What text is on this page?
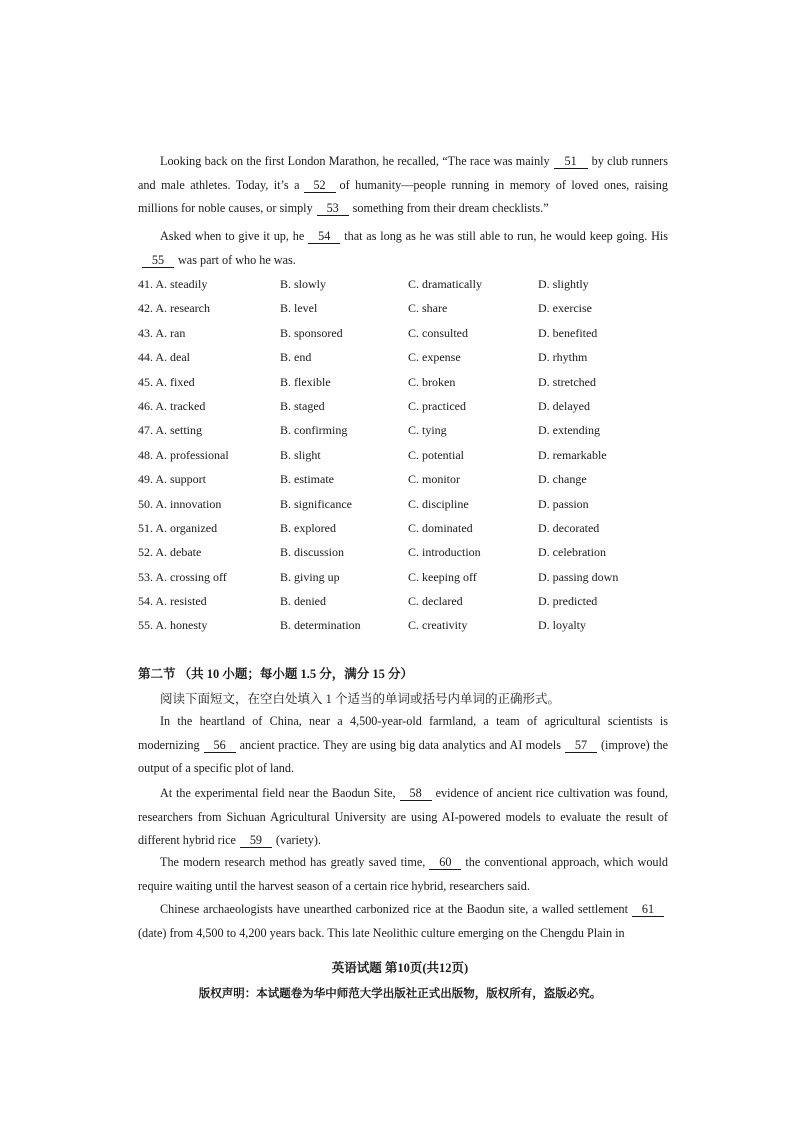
Looking back on the first London Marathon, he recalled, “The race was mainly 51 by club runners and male athletes. Today, it’s a 52 of humanity—people running in memory of loved ones, raising millions for noble causes, or simply 53 something from their dream checklists.”
Asked when to give it up, he 54 that as long as he was still able to run, he would keep going. His55 was part of who he was.
41. A. steadily	B. slowly	C. dramatically	D. slightly
42. A. research	B. level	C. share	D. exercise
43. A. ran	B. sponsored	C. consulted	D. benefited
44. A. deal	B. end	C. expense	D. rhythm
45. A. fixed	B. flexible	C. broken	D. stretched
46. A. tracked	B. staged	C. practiced	D. delayed
47. A. setting	B. confirming	C. tying	D. extending
48. A. professional	B. slight	C. potential	D. remarkable
49. A. support	B. estimate	C. monitor	D. change
50. A. innovation	B. significance	C. discipline	D. passion
51. A. organized	B. explored	C. dominated	D. decorated
52. A. debate	B. discussion	C. introduction	D. celebration
53. A. crossing off	B. giving up	C. keeping off	D. passing down
54. A. resisted	B. denied	C. declared	D. predicted
55. A. honesty	B. determination	C. creativity	D. loyalty
第二节 （共 10 小题；每小题 1.5 分，满分 15 分）
阅读下面短文，在空白处填入 1 个适当的单词或括号内单词的正确形式。
In the heartland of China, near a 4,500-year-old farmland, a team of agricultural scientists is modernizing 56 ancient practice. They are using big data analytics and AI models 57 (improve) the output of a specific plot of land.
At the experimental field near the Baodun Site, 58 evidence of ancient rice cultivation was found, researchers from Sichuan Agricultural University are using AI-powered models to evaluate the result of different hybrid rice 59 (variety).
The modern research method has greatly saved time, 60 the conventional approach, which would require waiting until the harvest season of a certain rice hybrid, researchers said.
Chinese archaeologists have unearthed carbonized rice at the Baodun site, a walled settlement 61(date) from 4,500 to 4,200 years back. This late Neolithic culture emerging on the Chengdu Plain in
英语试题 第10页(共12页)
版权声明：本试题卷为华中师范大学出版社正式出版物，版权所有，盗版必究。
